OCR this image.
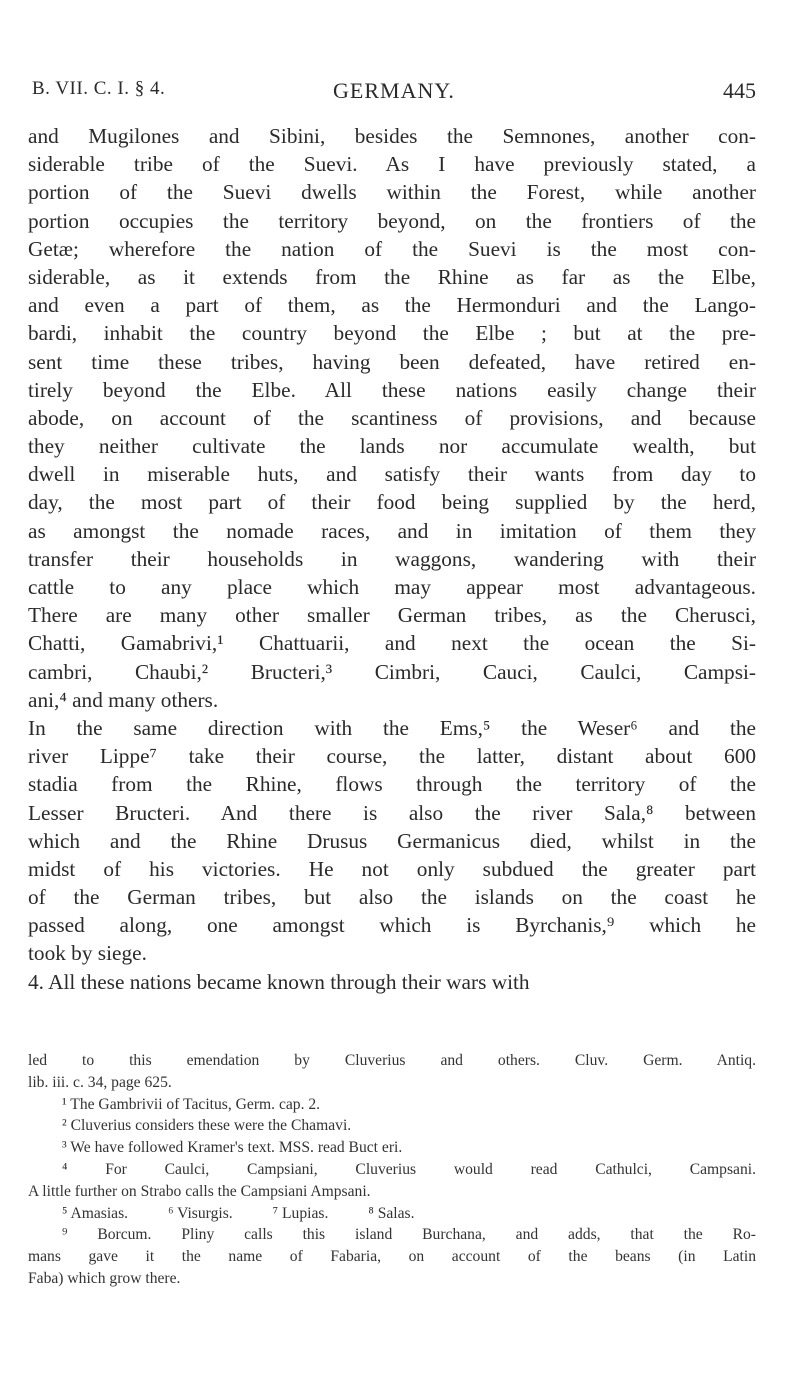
B. VII. C. I. § 4.	GERMANY.	445
and Mugilones and Sibini, besides the Semnones, another con-
siderable tribe of the Suevi. As I have previously stated, a
portion of the Suevi dwells within the Forest, while another
portion occupies the territory beyond, on the frontiers of the
Getæ; wherefore the nation of the Suevi is the most con-
siderable, as it extends from the Rhine as far as the Elbe,
and even a part of them, as the Hermonduri and the Lango-
bardi, inhabit the country beyond the Elbe ; but at the pre-
sent time these tribes, having been defeated, have retired en-
tirely beyond the Elbe. All these nations easily change their
abode, on account of the scantiness of provisions, and because
they neither cultivate the lands nor accumulate wealth, but
dwell in miserable huts, and satisfy their wants from day to
day, the most part of their food being supplied by the herd,
as amongst the nomade races, and in imitation of them they
transfer their households in waggons, wandering with their
cattle to any place which may appear most advantageous.
There are many other smaller German tribes, as the Cherusci,
Chatti, Gamabrivi,¹ Chattuarii, and next the ocean the Si-
cambri, Chaubi,² Bructeri,³ Cimbri, Cauci, Caulci, Campsi-
ani,⁴ and many others.
In the same direction with the Ems,⁵ the Weser⁶ and the
river Lippe⁷ take their course, the latter, distant about 600
stadia from the Rhine, flows through the territory of the
Lesser Bructeri. And there is also the river Sala,⁸ between
which and the Rhine Drusus Germanicus died, whilst in the
midst of his victories. He not only subdued the greater part
of the German tribes, but also the islands on the coast he
passed along, one amongst which is Byrchanis,⁹ which he
took by siege.
4. All these nations became known through their wars with
led to this emendation by Cluverius and others. Cluv. Germ. Antiq.
lib. iii. c. 34, page 625.
¹ The Gambrivii of Tacitus, Germ. cap. 2.
² Cluverius considers these were the Chamavi.
³ We have followed Kramer's text. MSS. read Buct eri.
⁴ For Caulci, Campsiani, Cluverius would read Cathulci, Campsani.
A little further on Strabo calls the Campsiani Ampsani.
⁵ Amasias.	⁶ Visurgis.	⁷ Lupias.	⁸ Salas.
⁹ Borcum. Pliny calls this island Burchana, and adds, that the Ro-
mans gave it the name of Fabaria, on account of the beans (in Latin
Faba) which grow there.
